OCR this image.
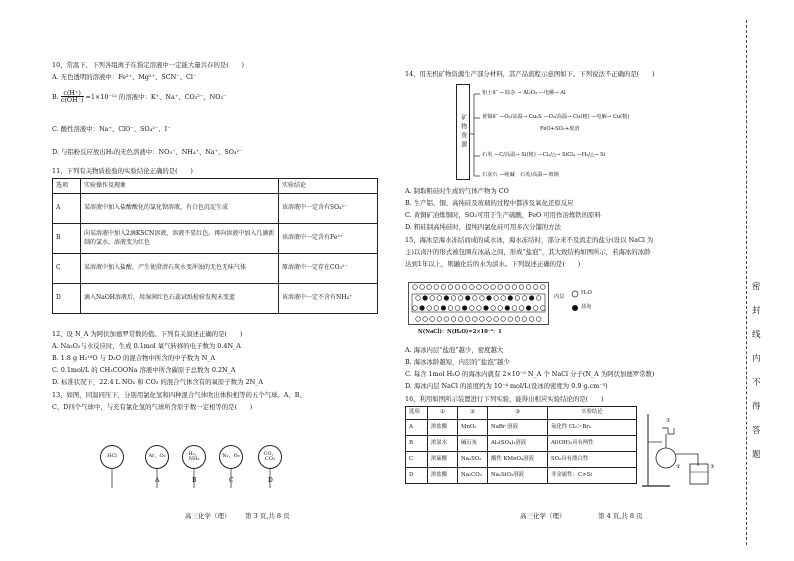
10、常温下，下列各组离子在指定溶液中一定能大量共存的是(　　)
A. 无色透明的溶液中：Fe³⁺、Mg²⁺、SCN⁻、Cl⁻
B. $\frac{c(H^+)}{c(OH^-)} =1\times 10^{-12}$ 的溶液中：K⁺、Na⁺、CO₃²⁻、NO₃⁻
C. 酸性溶液中：Na⁺、ClO⁻、SO₄²⁻、I⁻
D. 与铝粉反应放出H₂的无色溶液中：NO₃⁻、NH₄⁺、Na⁺、SO₄²⁻
11、下列有关物质检验的实验结论正确的是(　　)
选项	实验操作及现象	实验结论
A	某溶液中加入盐酸酸化的氯化钡溶液，有白色沉淀生成	该溶液中一定含有SO₄²⁻
B	向某溶液中加入2滴KSCN溶液，溶液不显红色。再向溶液中加入几滴新制的氯水，溶液变为红色	该溶液中一定含有Fe²⁺
C	某溶液中加入盐酸，产生使澄清石灰水变浑浊的无色无味气体	原溶液中一定存在CO₃²⁻
D	滴入NaOH溶液后，用湿润红色石蕊试纸检验发现未变蓝	该溶液中一定不含有NH₄⁺
12、设 N_A 为阿伏加德罗常数的值。下列有关叙述正确的是(　　)
A. Na₂O₂与水反应时，生成 0.1mol 氧气转移的电子数为 0.4N_A
B. 1.8 g H₂¹⁸O 与 D₂O 的混合物中所含的中子数为 N_A
C. 0.1mol/L 的 CH₃COONa 溶液中所含碳原子总数为 0.2N_A
D. 标准状况下，22.4 L NO₂ 和 CO₂ 的混合气体含有的氧原子数为 2N_A
13、如图，同温同压下，分别用氯化氢和四种混合气体吹出体积相等的五个气球。A、B、
C、D四个气球中，与充有氯化氢的气球所含原子数一定相等的是(　　)
HCl	Ar，O₂	H₂，NH₃	N₂，O₂	CO，CO₂
A	B	C	D
高三化学（理） 第 3 页,共 8 页
14、用无机矿物资源生产部分材料，其产品流程示意图如下。下列说法不正确的是(　　)
矿物资源
铝土矿 → 除杂 → Al₂O₃ —电解→ Al
黄铜矿 —O₂/高温→ Cu₂S —O₂/高温→ Cu(粗) —电解→ Cu(精)
FeO+SO₂+废渣
石英 —C/高温→ Si(粗) —Cl₂/△→ SiCl₄ —H₂/△→ Si
石灰石 —纯碱　石英/高温→ 玻璃
A. 制取粗硅时生成的气体产物为 CO
B. 生产铝、铜、高纯硅及玻璃的过程中都涉及氧化还原反应
C. 黄铜矿冶炼铜时，SO₂可用于生产硫酸，FeO 可用作冶炼铁的原料
D. 粗硅制高纯硅时，提纯四氯化硅可用多次分馏的方法
15、海冰是海水冻结而成的咸水冰，海水冻结时，部分来不及流走的盐分(设以 NaCl 为
主)以卤汁的形式被包围在冰晶之间，形成“盐泡”，其大致结构如图所示，若海冰的冰龄
达到1年以上，则融化后的水为淡水。下列叙述正确的是(　　)
内层
H₂O
盐泡
N(NaCl)：N(H₂O)=2×10⁻⁶：1
A. 海冰内层“盐泡”越少，密度越大
B. 海冰冰龄越短，内层的“盐泡”越少
C. 每含 1mol H₂O 的海冰内就有 2×10⁻⁵ N_A 个 NaCl 分子(N_A 为阿伏加德罗常数)
D. 海冰内层 NaCl 的浓度约为 10⁻⁴ mol/L(设冰的密度为 0.9 g.cm⁻³)
16、利用如图所示装置进行下列实验，能得出相应实验结论的是(　　)
选项	①	②	③	实验结论
A	浓盐酸	MnO₂	NaBr 溶液	氧化性 Cl₂＞Br₂
B	浓氨水	碱石灰	Al₂(SO₄)₃溶液	Al(OH)₃具有两性
C	浓硫酸	Na₂SO₃	酸性 KMnO₄溶液	SO₂具有漂白性
D	浓盐酸	Na₂CO₃	Na₂SiO₃溶液	非金属性：C>Si
①
②	③
高三化学（理）	第 4 页,共 8 页
密
封
线
内
不
得
答
题
